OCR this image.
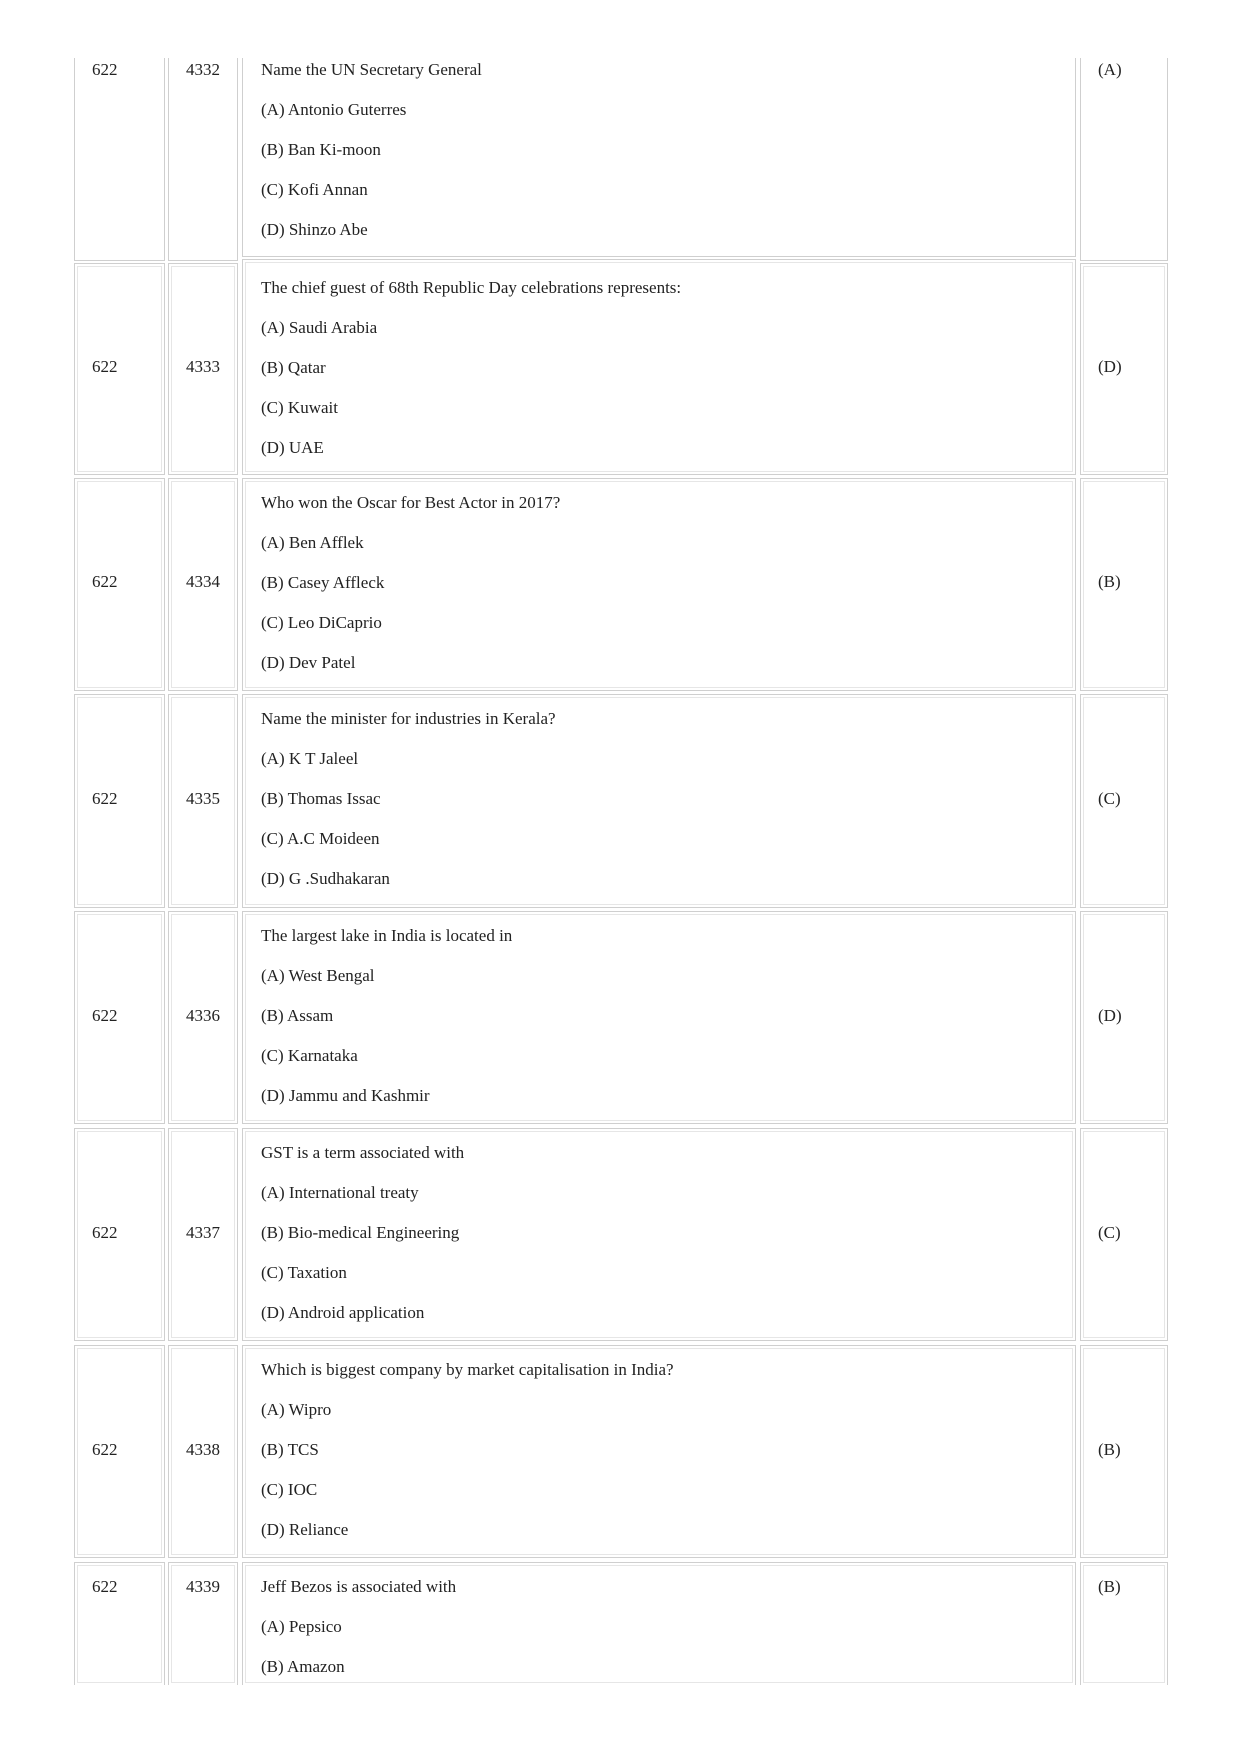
622	4332 Name the UN Secretary General
(A) Antonio Guterres
(B) Ban Ki-moon
(C) Kofi Annan
(D) Shinzo Abe
(A)
622	4333
The chief guest of 68th Republic Day celebrations represents:
(A) Saudi Arabia
(B) Qatar
(C) Kuwait
(D) UAE
(D)
622	4334
Who won the Oscar for Best Actor in 2017?
(A) Ben Afflek
(B) Casey Affleck
(C) Leo DiCaprio
(D) Dev Patel
(B)
622	4335
Name the minister for industries in Kerala?
(A) K T Jaleel
(B) Thomas Issac
(C) A.C Moideen
(D) G .Sudhakaran
(C)
622	4336
The largest lake in India is located in
(A) West Bengal
(B) Assam
(C) Karnataka
(D) Jammu and Kashmir
(D)
622	4337
GST is a term associated with
(A) International treaty
(B) Bio-medical Engineering
(C) Taxation
(D) Android application
(C)
622	4338
Which is biggest company by market capitalisation in India?
(A) Wipro
(B) TCS
(C) IOC
(D) Reliance
(B)
622	4339 Jeff Bezos is associated with
(A) Pepsico
(B) Amazon
(B)
